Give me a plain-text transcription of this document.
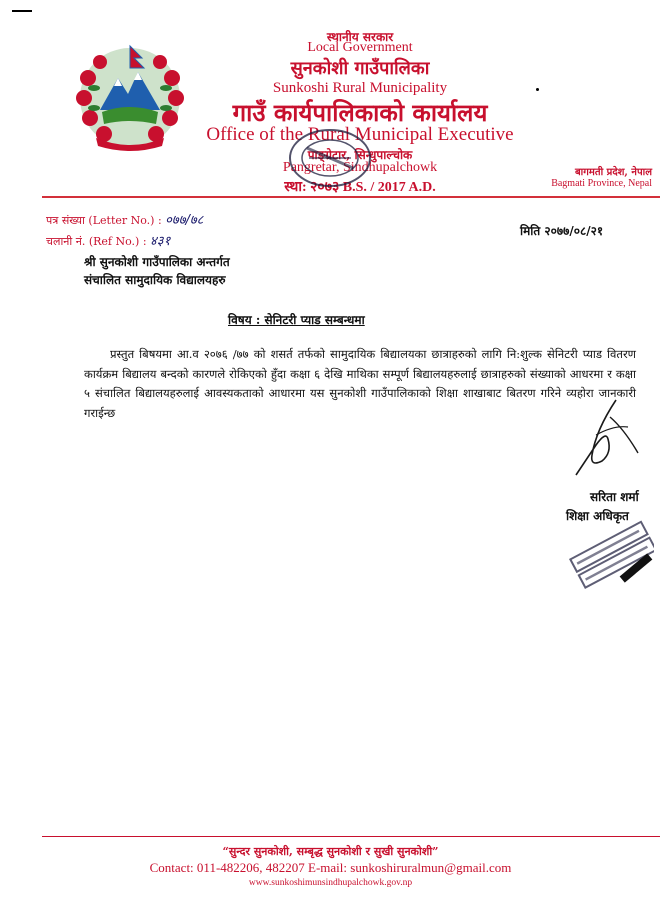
स्थानीय सरकार
Local Government
सुनकोशी गाउँपालिका
Sunkoshi Rural Municipality
गाउँ कार्यपालिकाको कार्यालय
Office of the Rural Municipal Executive
पाङ्ग्रेटार, सिन्धुपाल्चोक
Pangretar, Sindhupalchowk
स्था: २०७३ B.S. / 2017 A.D.
बागमती प्रदेश, नेपाल
Bagmati Province, Nepal
पत्र संख्या (Letter No.) : ०७७/७८
चलानी नं. (Ref No.) : ४३१
मिति २०७७/०८/२१
श्री सुनकोशी गाउँपालिका अन्तर्गत
संचालित सामुदायिक विद्यालयहरु
विषय : सेनिटरी प्याड सम्बन्धमा
प्रस्तुत बिषयमा आ.व २०७६ /७७ को शसर्त तर्फको सामुदायिक बिद्यालयका छात्राहरुको लागि नि:शुल्क सेनिटरी प्याड वितरण कार्यक्रम बिद्यालय बन्दको कारणले रोकिएको हुँदा कक्षा ६ देखि माथिका सम्पूर्ण बिद्यालयहरुलाई छात्राहरुको संख्याको आधरमा र कक्षा ५ संचालित बिद्यालयहरुलाई आवस्यकताको आधारमा यस सुनकोशी गाउँपालिकाको शिक्षा शाखाबाट बितरण गरिने व्यहोरा जानकारी गराईन्छ
सरिता शर्मा
शिक्षा अधिकृत
“सुन्दर सुनकोशी, सम्बृद्ध सुनकोशी र सुखी सुनकोशी”
Contact: 011-482206, 482207 E-mail: sunkoshiruralmun@gmail.com
www.sunkoshimunsindhupalchowk.gov.np
